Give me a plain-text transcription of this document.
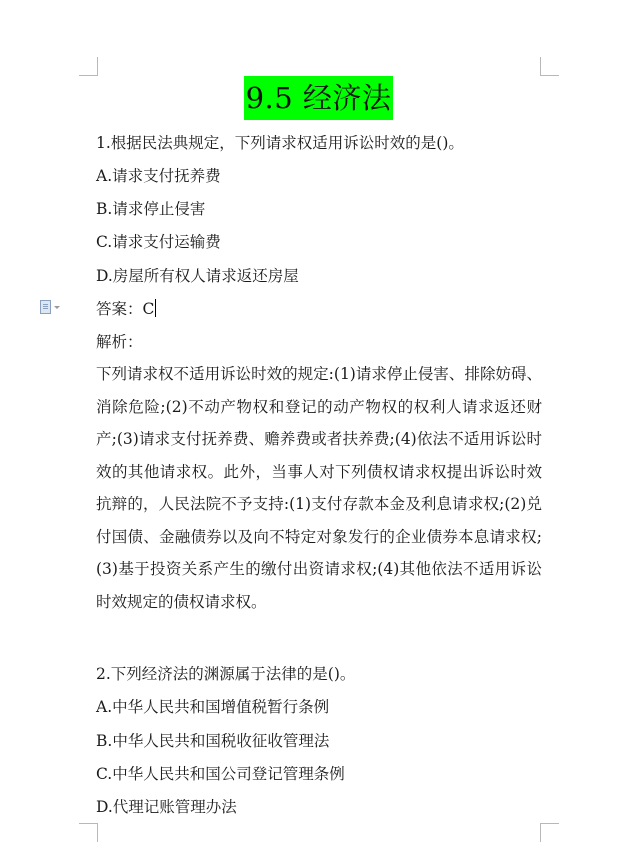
9.5 经济法
1.根据民法典规定，下列请求权适用诉讼时效的是()。
A.请求支付抚养费
B.请求停止侵害
C.请求支付运输费
D.房屋所有权人请求返还房屋
答案：C
解析：
下列请求权不适用诉讼时效的规定:(1)请求停止侵害、排除妨碍、消除危险;(2)不动产物权和登记的动产物权的权利人请求返还财产;(3)请求支付抚养费、赡养费或者扶养费;(4)依法不适用诉讼时效的其他请求权。此外，当事人对下列债权请求权提出诉讼时效抗辩的，人民法院不予支持:(1)支付存款本金及利息请求权;(2)兑付国债、金融债券以及向不特定对象发行的企业债券本息请求权;(3)基于投资关系产生的缴付出资请求权;(4)其他依法不适用诉讼时效规定的债权请求权。
2.下列经济法的渊源属于法律的是()。
A.中华人民共和国增值税暂行条例
B.中华人民共和国税收征收管理法
C.中华人民共和国公司登记管理条例
D.代理记账管理办法
